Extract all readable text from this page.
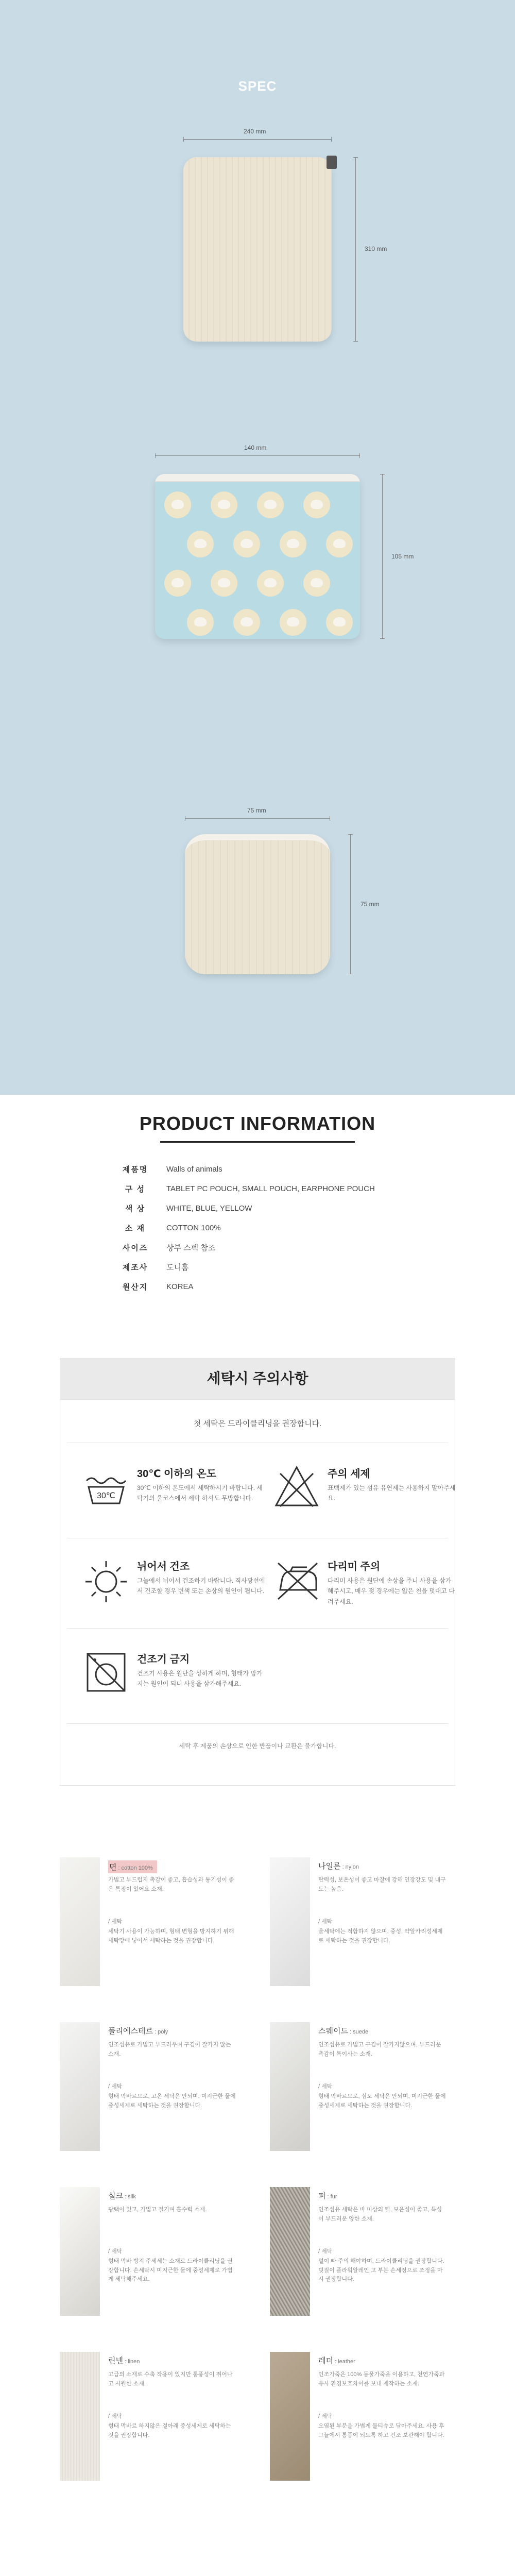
SPEC
240 mm
310 mm
140 mm
105 mm
75 mm
75 mm
PRODUCT INFORMATION
제품명	Walls of animals
구 성	TABLET PC POUCH, SMALL POUCH, EARPHONE POUCH
색 상	WHITE, BLUE, YELLOW
소 재	COTTON 100%
사이즈	상부 스펙 참조
제조사	도니홈
원산지	KOREA
세탁시 주의사항
첫 세탁은 드라이클리닝을 권장합니다.
30℃
30℃ 이하의 온도
30℃ 이하의 온도에서 세탁하시기 바랍니다. 세탁기의 울코스에서 세탁 하셔도 무방합니다.
주의 세제
표백제가 있는 섬유 유연제는 사용하지 말아주세요.
뉘어서 건조
그늘에서 뉘어서 건조하기 바랍니다. 직사광선에서 건조할 경우 변색 또는 손상의 원인이 됩니다.
다리미 주의
다리미 사용은 원단에 손상을 주니 사용을 삼가해주시고, 매우 젖 경우에는 얇은 천을 덧대고 다려주세요.
건조기 금지
건조기 사용은 원단을 상하게 하며, 형태가 망가지는 원인이 되니 사용을 삼가해주세요.
세탁 후 제품의 손상으로 인한 반품이나 교환은 불가합니다.
면 : cotton 100%
가볍고 부드럽지 촉감이 좋고, 흡습성과 통기성이 좋은 특징이 있어요 소재.
/ 세탁
세탁기 사용이 가능하며, 형태 변형을 방지하기 위해 세탁망에 넣어서 세탁하는 것을 권장합니다.
나일론 : nylon
탄력성, 보온성이 좋고 마찰에 강해 인장강도 및 내구도는 높음.
/ 세탁
울세탁에는 적합하지 않으며, 중성, 약알카리성세제로 세탁하는 것을 권장합니다.
폴리에스테르 : poly
인조섬유로 가볍고 부드러우며 구김이 잘가지 않는 소재.
/ 세탁
형태 막바르므로, 고온 세탁은 안되며, 미지근한 물에 중성세제로 세탁하는 것을 권장합니다.
스웨이드 : suede
인조섬유로 가볍고 구김이 잘가지않으며, 부드러운 촉감이 특이사는 소재.
/ 세탁
형태 막바르므로, 심도 세탁은 안되며, 미지근한 물에 중성세제로 세탁하는 것을 권장합니다.
실크 : silk
광택이 있고, 가볍고 질기며 흡수력 소재.
/ 세탁
형태 막바 방지 주세세는 소재로 드라이클리닝을 권장합니다. 손세탁시 미지근한 물에 중성세제로 가볍게 세탁해주세요.
퍼 : fur
인조섬유 세탁은 바 미상의 털, 보온성이 좋고, 특성이 부드러운 양한 소재.
/ 세탁
털이 빠 주의 해야하며, 드라이클리닝을 권장합니다. 빗질이 플라워알레인 고 부분 손세정으로 조정을 마시 권장합니다.
린넨 : linen
고급의 소재로 수축 작용이 있지만 통풍성이 뛰어나고 시원한 소재.
/ 세탁
형태 막바르 하지않은 결아래 중성세제로 세탁하는 것을 권장합니다.
레더 : leather
인조가죽은 100% 동물가죽을 이용하고, 천연가죽과 유사 환경보호차이를 보내 제작하는 소재.
/ 세탁
오염된 부분을 가볍게 물티슈로 닦아주세요. 사용 후 그늘에서 통풍이 되도록 하고 건조 보관해야 합니다.
